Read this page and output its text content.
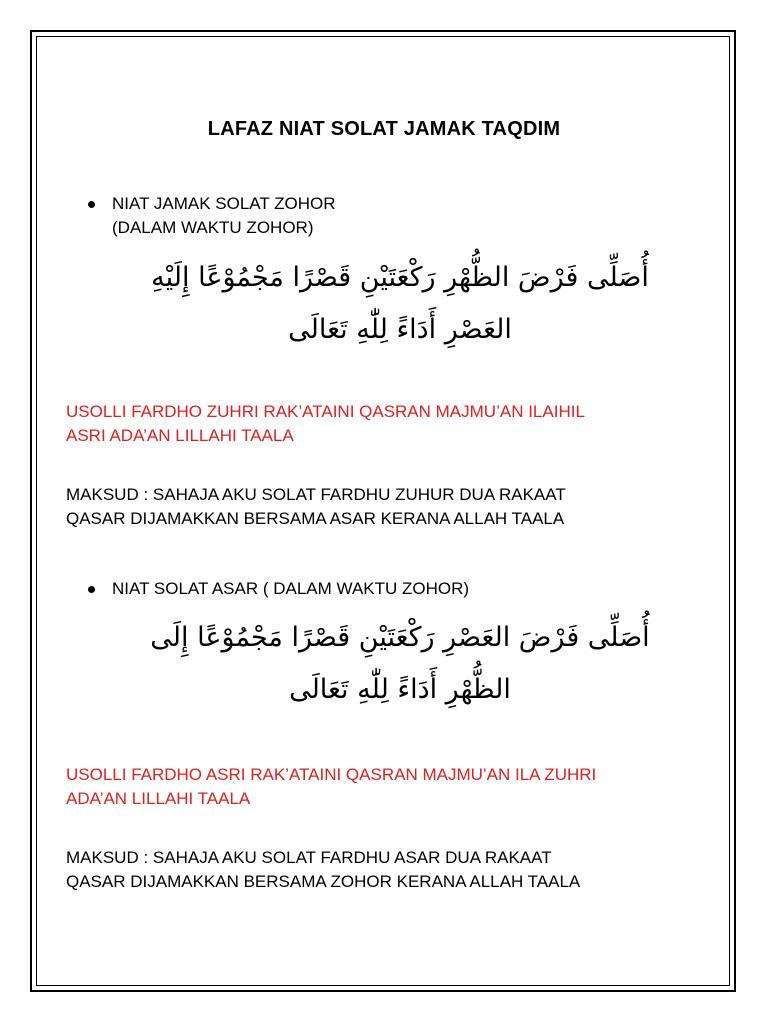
LAFAZ NIAT SOLAT JAMAK TAQDIM
NIAT JAMAK SOLAT ZOHOR
(DALAM WAKTU ZOHOR)
أُصَلِّى فَرْضَ الظُّهْرِ رَكْعَتَيْنِ قَصْرًا مَجْمُوْعًا إِلَيْهِ
العَصْرِ أَدَاءً لِلّٰهِ تَعَالَى
USOLLI FARDHO ZUHRI RAK’ATAINI QASRAN MAJMU’AN ILAIHIL
ASRI ADA’AN LILLAHI TAALA
MAKSUD : SAHAJA AKU SOLAT FARDHU ZUHUR DUA RAKAAT
QASAR DIJAMAKKAN BERSAMA ASAR KERANA ALLAH TAALA
NIAT SOLAT ASAR ( DALAM WAKTU ZOHOR)
أُصَلِّى فَرْضَ العَصْرِ رَكْعَتَيْنِ قَصْرًا مَجْمُوْعًا إِلَى
الظُّهْرِ أَدَاءً لِلّٰهِ تَعَالَى
USOLLI FARDHO ASRI RAK’ATAINI QASRAN MAJMU’AN ILA ZUHRI
ADA’AN LILLAHI TAALA
MAKSUD : SAHAJA AKU SOLAT FARDHU ASAR DUA RAKAAT
QASAR DIJAMAKKAN BERSAMA ZOHOR KERANA ALLAH TAALA
